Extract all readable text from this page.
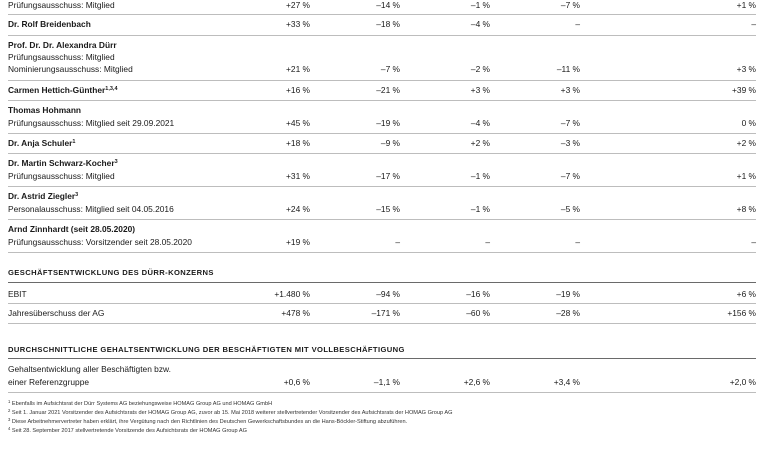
Prüfungsausschuss: Mitglied	+27 %	–14 %	–1 %	–7 %	+1 %
Dr. Rolf Breidenbach	+33 %	–18 %	–4 %	–	–
Prof. Dr. Dr. Alexandra Dürr
Prüfungsausschuss: Mitglied
Nominierungsausschuss: Mitglied	+21 %	–7 %	–2 %	–11 %	+3 %
Carmen Hettich-Günther$^{1,3,4}$	+16 %	–21 %	+3 %	+3 %	+39 %
Thomas Hohmann
Prüfungsausschuss: Mitglied seit 29.09.2021	+45 %	–19 %	–4 %	–7 %	0 %
Dr. Anja Schuler$^1$	+18 %	–9 %	+2 %	–3 %	+2 %
Dr. Martin Schwarz-Kocher$^3$
Prüfungsausschuss: Mitglied	+31 %	–17 %	–1 %	–7 %	+1 %
Dr. Astrid Ziegler$^3$
Personalausschuss: Mitglied seit 04.05.2016	+24 %	–15 %	–1 %	–5 %	+8 %
Arnd Zinnhardt (seit 28.05.2020)
Prüfungsausschuss: Vorsitzender seit 28.05.2020	+19 %	–	–	–	–
GESCHÄFTSENTWICKLUNG DES DÜRR-KONZERNS
EBIT	+1.480 %	–94 %	–16 %	–19 %	+6 %
Jahresüberschuss der AG	+478 %	–171 %	–60 %	–28 %	+156 %
DURCHSCHNITTLICHE GEHALTSENTWICKLUNG DER BESCHÄFTIGTEN MIT VOLLBESCHÄFTIGUNG
Gehaltsentwicklung aller Beschäftigten bzw.
einer Referenzgruppe	+0,6 %	–1,1 %	+2,6 %	+3,4 %	+2,0 %
$^1$ Ebenfalls im Aufsichtsrat der Dürr Systems AG beziehungsweise HOMAG Group AG und HOMAG GmbH
$^2$ Seit 1. Januar 2021 Vorsitzender des Aufsichtsrats der HOMAG Group AG, zuvor ab 15. Mai 2018 weiterer stellvertretender Vorsitzender des Aufsichtsrats der HOMAG Group AG
$^3$ Diese Arbeitnehmervertreter haben erklärt, ihre Vergütung nach den Richtlinien des Deutschen Gewerkschaftsbundes an die Hans-Böckler-Stiftung abzuführen.
$^4$ Seit 28. September 2017 stellvertretende Vorsitzende des Aufsichtsrats der HOMAG Group AG
